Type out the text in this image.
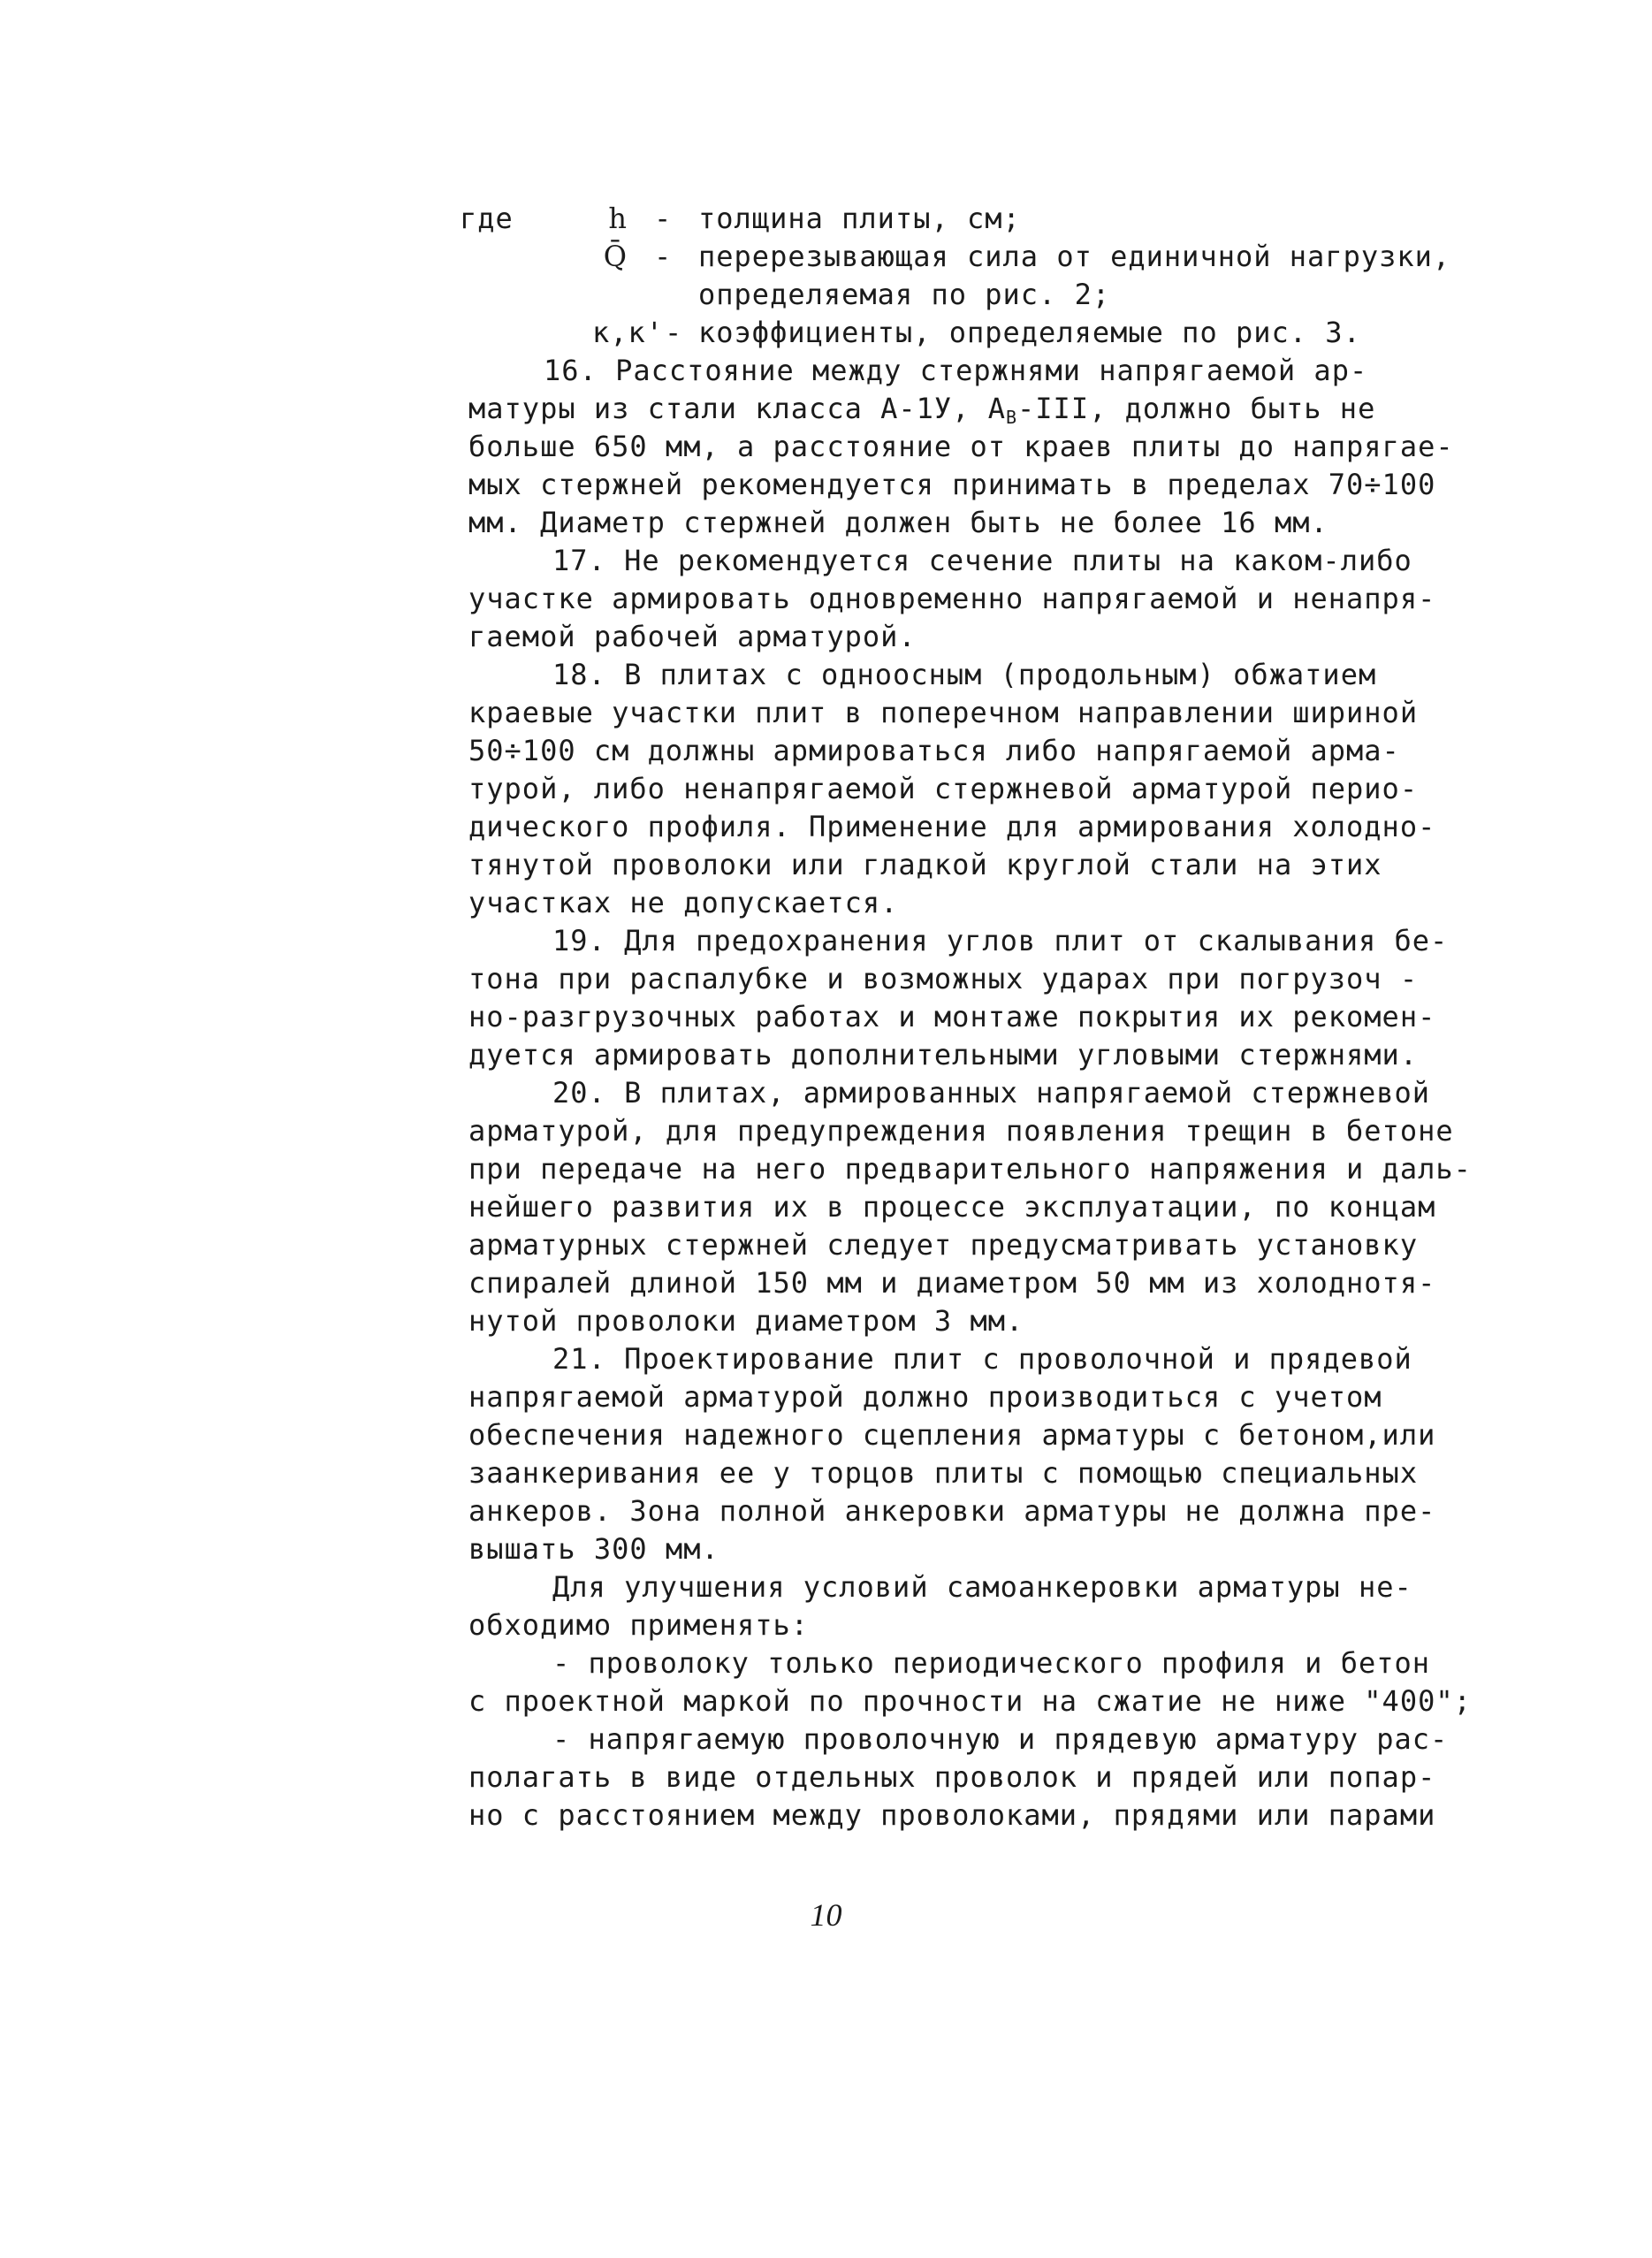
где	h - толщина плиты, см;
Q̄ - перерезывающая сила от единичной нагрузки,
определяемая по рис. 2;
к,к' - коэффициенты, определяемые по рис. 3.
16. Расстояние между стержнями напрягаемой ар-
матуры из стали класса А-1У, $А_В$-III, должно быть не
больше 650 мм, а расстояние от краев плиты до напрягае-
мых стержней рекомендуется принимать в пределах 70÷100
мм. Диаметр стержней должен быть не более 16 мм.
17. Не рекомендуется сечение плиты на каком-либо
участке армировать одновременно напрягаемой и ненапря-
гаемой рабочей арматурой.
18. В плитах с одноосным (продольным) обжатием
краевые участки плит в поперечном направлении шириной
50÷100 см должны армироваться либо напрягаемой арма-
турой, либо ненапрягаемой стержневой арматурой перио-
дического профиля. Применение для армирования холодно-
тянутой проволоки или гладкой круглой стали на этих
участках не допускается.
19. Для предохранения углов плит от скалывания бе-
тона при распалубке и возможных ударах при погрузоч -
но-разгрузочных работах и монтаже покрытия их рекомен-
дуется армировать дополнительными угловыми стержнями.
20. В плитах, армированных напрягаемой стержневой
арматурой, для предупреждения появления трещин в бетоне
при передаче на него предварительного напряжения и даль-
нейшего развития их в процессе эксплуатации, по концам
арматурных стержней следует предусматривать установку
спиралей длиной 150 мм и диаметром 50 мм из холоднотя-
нутой проволоки диаметром 3 мм.
21. Проектирование плит с проволочной и прядевой
напрягаемой арматурой должно производиться с учетом
обеспечения надежного сцепления арматуры с бетоном,или
заанкеривания ее у торцов плиты с помощью специальных
анкеров. Зона полной анкеровки арматуры не должна пре-
вышать 300 мм.
Для улучшения условий самоанкеровки арматуры не-
обходимо применять:
- проволоку только периодического профиля и бетон
с проектной маркой по прочности на сжатие не ниже "400";
- напрягаемую проволочную и прядевую арматуру рас-
полагать в виде отдельных проволок и прядей или попар-
но с расстоянием между проволоками, прядями или парами
10
